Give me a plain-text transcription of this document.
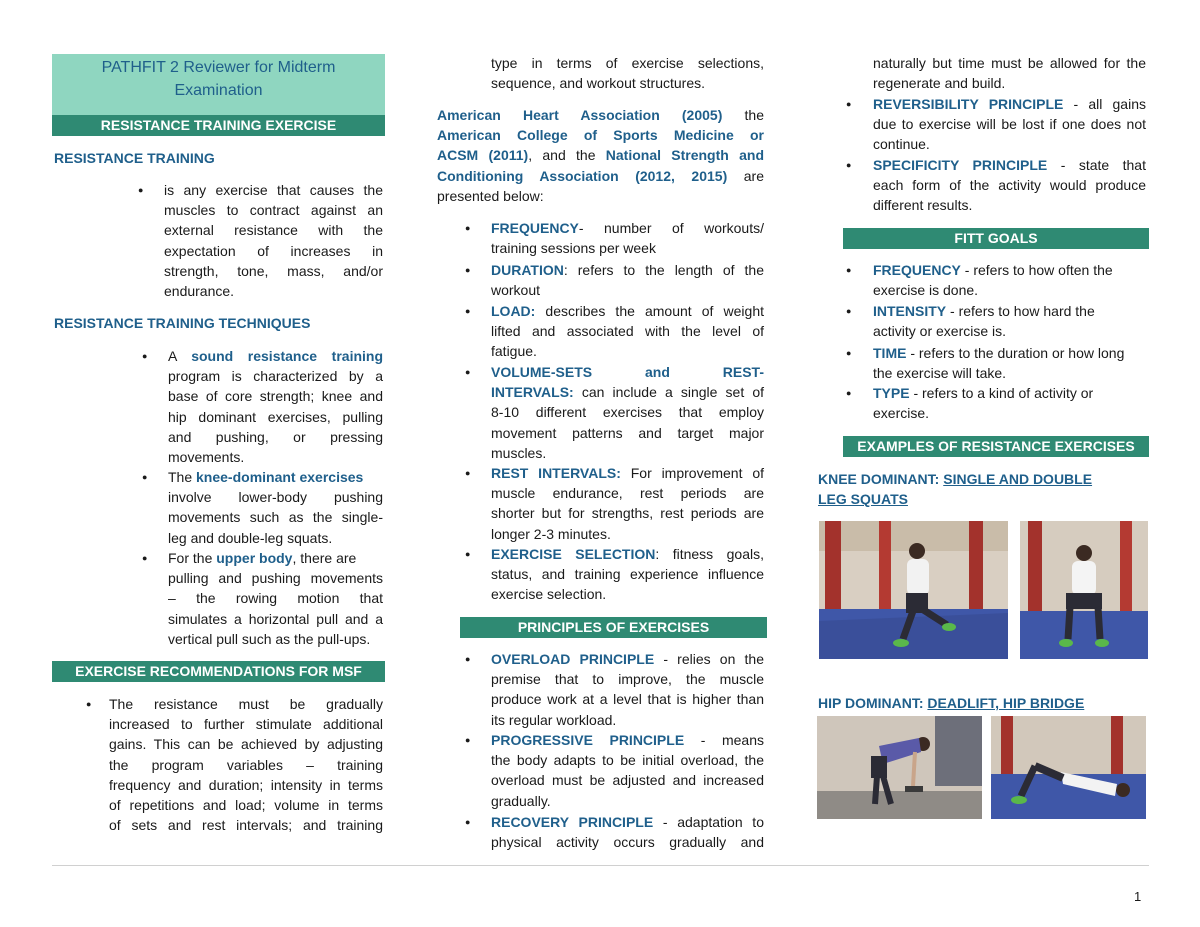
PATHFIT 2 Reviewer for Midterm Examination
RESISTANCE TRAINING EXERCISE
RESISTANCE TRAINING
● is any exercise that causes the
muscles to contract against an
external resistance with the
expectation of increases in
strength, tone, mass, and/or
endurance.
RESISTANCE TRAINING TECHNIQUES
● A sound resistance training
program is characterized by a
base of core strength; knee and
hip dominant exercises, pulling
and pushing, or pressing
movements.
● The knee-dominant exercises
involve lower-body pushing
movements such as the single-
leg and double-leg squats.
● For the upper body, there are
pulling and pushing movements
– the rowing motion that
simulates a horizontal pull and a
vertical pull such as the pull-ups.
EXERCISE RECOMMENDATIONS FOR MSF
● The resistance must be gradually
increased to further stimulate additional
gains. This can be achieved by adjusting
the program variables – training
frequency and duration; intensity in terms
of repetitions and load; volume in terms
of sets and rest intervals; and training
type in terms of exercise selections,
sequence, and workout structures.
American Heart Association (2005) the
American College of Sports Medicine or
ACSM (2011), and the National Strength and
Conditioning Association (2012, 2015) are
presented below:
● FREQUENCY- number of workouts/
training sessions per week
● DURATION: refers to the length of the
workout
● LOAD: describes the amount of weight
lifted and associated with the level of
fatigue.
● VOLUME-SETS and REST-
INTERVALS: can include a single set of
8-10 different exercises that employ
movement patterns and target major
muscles.
● REST INTERVALS: For improvement of
muscle endurance, rest periods are
shorter but for strengths, rest periods are
longer 2-3 minutes.
● EXERCISE SELECTION: fitness goals,
status, and training experience influence
exercise selection.
PRINCIPLES OF EXERCISES
● OVERLOAD PRINCIPLE - relies on the
premise that to improve, the muscle
produce work at a level that is higher than
its regular workload.
● PROGRESSIVE PRINCIPLE - means
the body adapts to be initial overload, the
overload must be adjusted and increased
gradually.
● RECOVERY PRINCIPLE - adaptation to
physical activity occurs gradually and
naturally but time must be allowed for the
regenerate and build.
● REVERSIBILITY PRINCIPLE - all gains
due to exercise will be lost if one does not
continue.
● SPECIFICITY PRINCIPLE - state that
each form of the activity would produce
different results.
FITT GOALS
● FREQUENCY - refers to how often the
exercise is done.
● INTENSITY - refers to how hard the
activity or exercise is.
● TIME - refers to the duration or how long
the exercise will take.
● TYPE - refers to a kind of activity or
exercise.
EXAMPLES OF RESISTANCE EXERCISES
KNEE DOMINANT: SINGLE AND DOUBLE
LEG SQUATS
HIP DOMINANT: DEADLIFT, HIP BRIDGE
1
